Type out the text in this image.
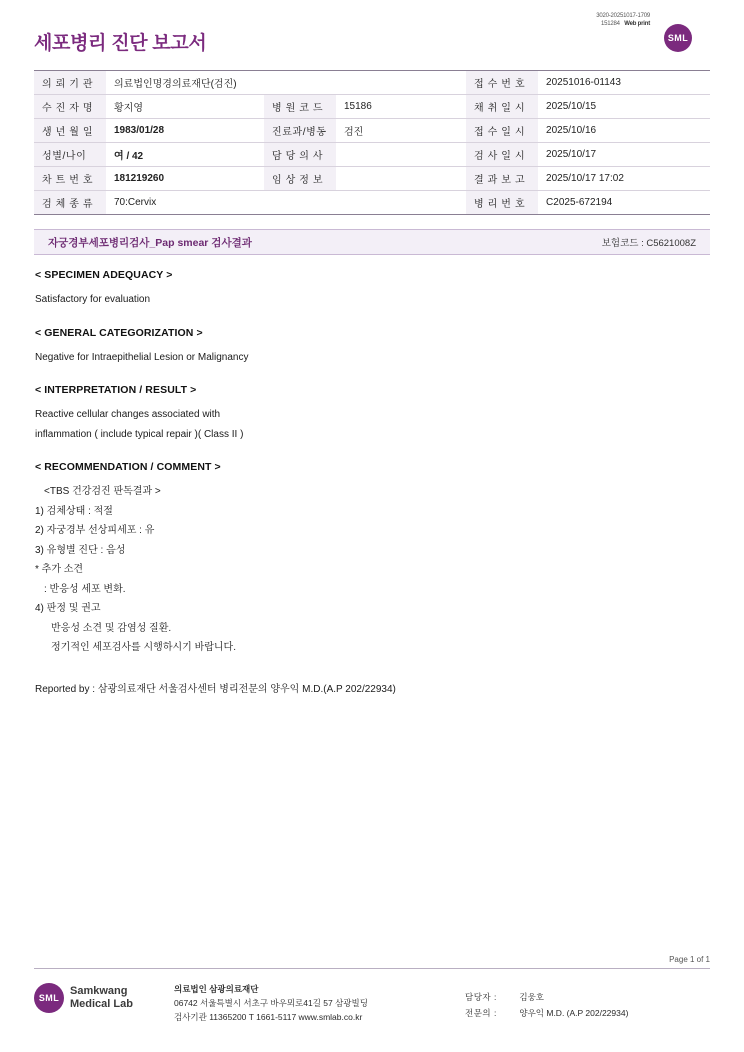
세포병리 진단 보고서
3020-20251017-1709
151284 Web print
SML
의 뢰 기 관	의료법인명경의료재단(검진)			접 수 번 호	20251016-01143
수 진 자 명	황지영	병 원 코 드	15186	채 취 일 시	2025/10/15
생 년 월 일	1983/01/28	진료과/병동	검진	접 수 일 시	2025/10/16
성별/나이	여 / 42	담 당 의 사		검 사 일 시	2025/10/17
차 트 번 호	181219260	임 상 정 보		결 과 보 고	2025/10/17 17:02
검 체 종 류	70:Cervix			병 리 번 호	C2025-672194
자궁경부세포병리검사_Pap smear 검사결과	보험코드 : C5621008Z
< SPECIMEN ADEQUACY >
Satisfactory for evaluation
< GENERAL CATEGORIZATION >
Negative for Intraepithelial Lesion or Malignancy
< INTERPRETATION / RESULT >
Reactive cellular changes associated with
inflammation ( include typical repair )( Class II )
< RECOMMENDATION / COMMENT >
<TBS 건강검진 판독결과 >
1) 검체상태 : 적절
2) 자궁경부 선상피세포 : 유
3) 유형별 진단 : 음성
* 추가 소견
: 반응성 세포 변화.
4) 판정 및 권고
반응성 소견 및 감염성 질환.
정기적인 세포검사를 시행하시기 바랍니다.
Reported by : 삼광의료재단 서울검사센터 병리전문의 양우익 M.D.(A.P 202/22934)
Page 1 of 1
SML
Samkwang
Medical Lab
의료법인 삼광의료재단
06742 서울특별시 서초구 바우뫼로41길 57 삼광빌딩
검사기관 11365200 T 1661-5117 www.smlab.co.kr
담당자 :	김웅호
전문의 :	양우익 M.D. (A.P 202/22934)
